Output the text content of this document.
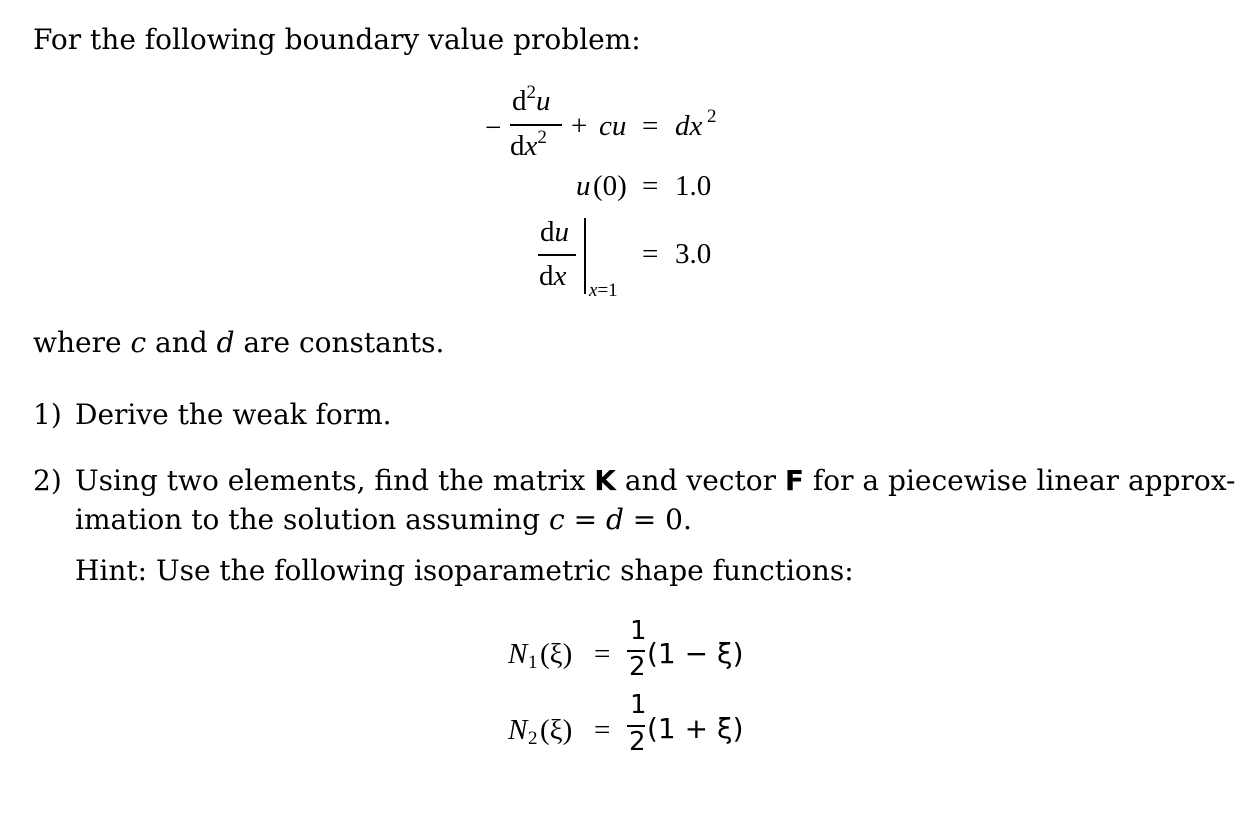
For the following boundary value problem:
−
$d^2u$
$dx^2$ + cu = dx 2
u (0) = 1.0
du
dx x=1
= 3.0
where c and d are constants.
1) Derive the weak form.
2) Using two elements, find the matrix K and vector F for a piecewise linear approx-
imation to the solution assuming c = d = 0.
Hint: Use the following isoparametric shape functions:
N 1 (ξ) =
1
2 (1 − ξ)
N 2 (ξ) =
1
2 (1 + ξ)
